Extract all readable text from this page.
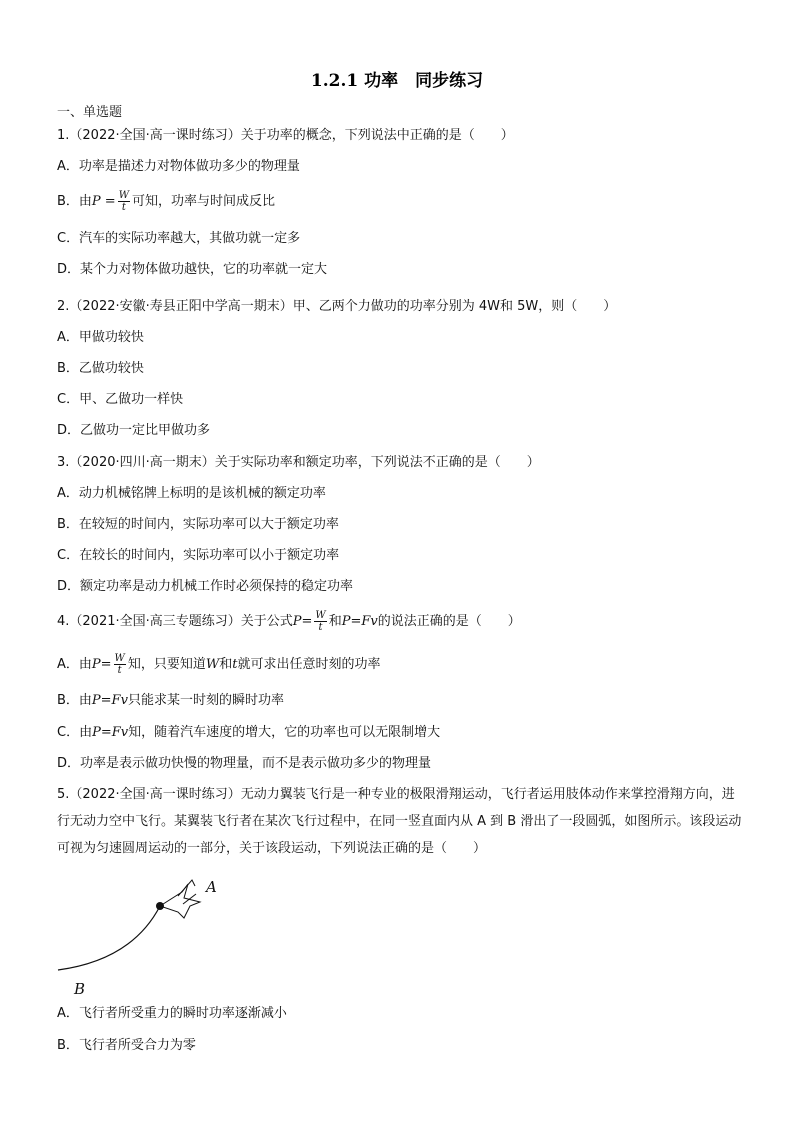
1.2.1 功率　同步练习
一、单选题
1.（2022·全国·高一课时练习）关于功率的概念，下列说法中正确的是（　　）
A．功率是描述力对物体做功多少的物理量
B．由$P = \frac{W}{t}$ 可知，功率与时间成反比
C．汽车的实际功率越大，其做功就一定多
D．某个力对物体做功越快，它的功率就一定大
2.（2022·安徽·寿县正阳中学高一期末）甲、乙两个力做功的功率分别为 4W和 5W，则（　　）
A．甲做功较快
B．乙做功较快
C．甲、乙做功一样快
D．乙做功一定比甲做功多
3.（2020·四川·高一期末）关于实际功率和额定功率，下列说法不正确的是（　　）
A．动力机械铭牌上标明的是该机械的额定功率
B．在较短的时间内，实际功率可以大于额定功率
C．在较长的时间内，实际功率可以小于额定功率
D．额定功率是动力机械工作时必须保持的稳定功率
4.（2021·全国·高三专题练习）关于公式$P= \frac{W}{t}$ 和P=Fv的说法正确的是（　　）
A．由$P= \frac{W}{t}$ 知，只要知道W和t就可求出任意时刻的功率
B．由P=Fv只能求某一时刻的瞬时功率
C．由P=Fv知，随着汽车速度的增大，它的功率也可以无限制增大
D．功率是表示做功快慢的物理量，而不是表示做功多少的物理量
5.（2022·全国·高一课时练习）无动力翼装飞行是一种专业的极限滑翔运动，飞行者运用肢体动作来掌控滑翔方向，进行无动力空中飞行。某翼装飞行者在某次飞行过程中，在同一竖直面内从 A 到 B 滑出了一段圆弧，如图所示。该段运动可视为匀速圆周运动的一部分，关于该段运动，下列说法正确的是（　　）
A
B
A．飞行者所受重力的瞬时功率逐渐减小
B．飞行者所受合力为零
